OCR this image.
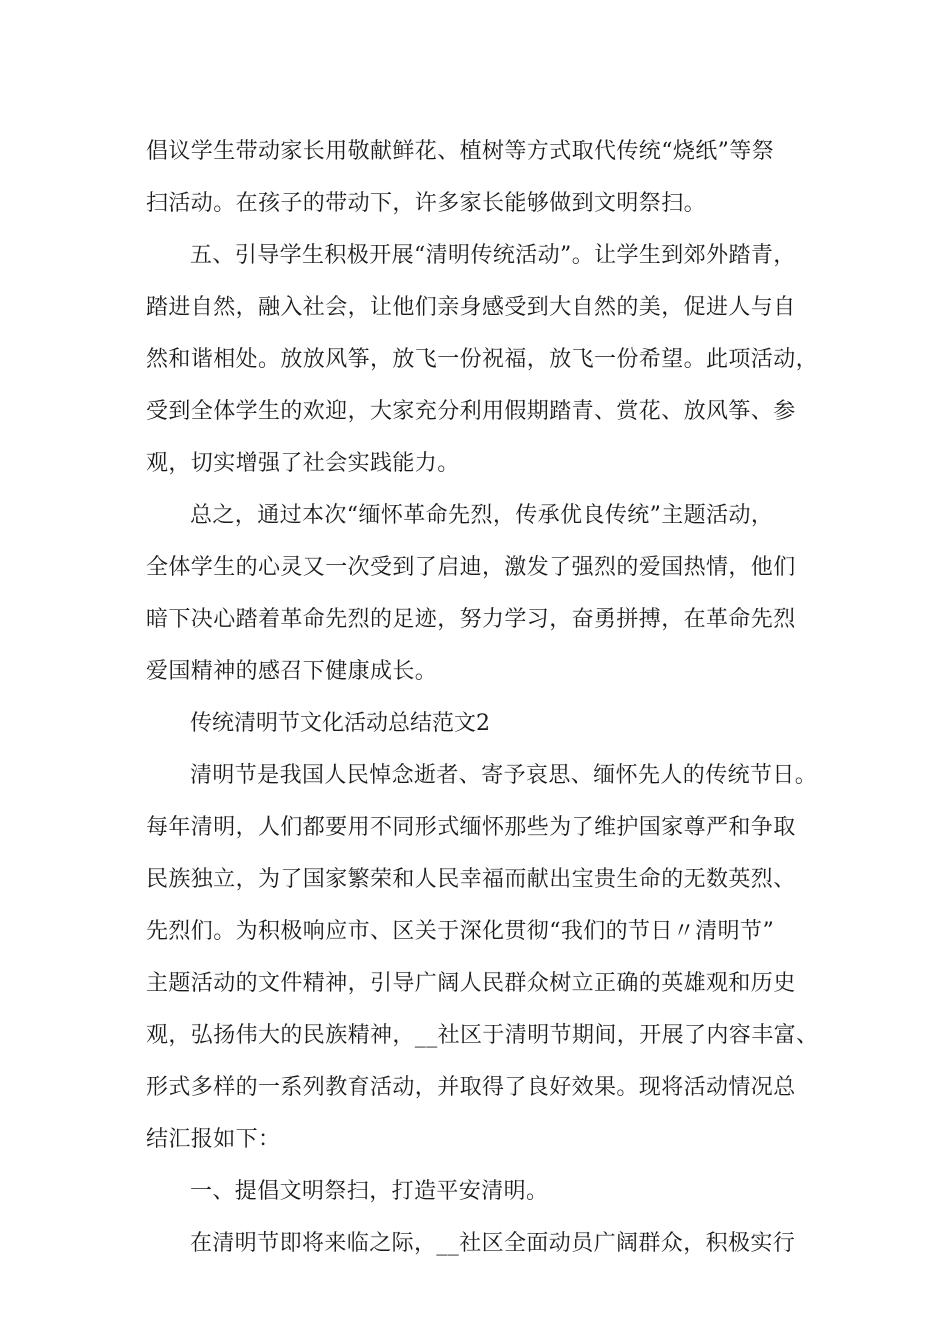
倡议学生带动家长用敬献鲜花、植树等方式取代传统“烧纸”等祭
扫活动。在孩子的带动下，许多家长能够做到文明祭扫。
五、引导学生积极开展“清明传统活动”。让学生到郊外踏青，
踏进自然，融入社会，让他们亲身感受到大自然的美，促进人与自
然和谐相处。放放风筝，放飞一份祝福，放飞一份希望。此项活动，
受到全体学生的欢迎，大家充分利用假期踏青、赏花、放风筝、参
观，切实增强了社会实践能力。
总之，通过本次“缅怀革命先烈，传承优良传统”主题活动，
全体学生的心灵又一次受到了启迪，激发了强烈的爱国热情，他们
暗下决心踏着革命先烈的足迹，努力学习，奋勇拼搏，在革命先烈
爱国精神的感召下健康成长。
传统清明节文化活动总结范文2
清明节是我国人民悼念逝者、寄予哀思、缅怀先人的传统节日。
每年清明，人们都要用不同形式缅怀那些为了维护国家尊严和争取
民族独立，为了国家繁荣和人民幸福而献出宝贵生命的无数英烈、
先烈们。为积极响应市、区关于深化贯彻“我们的节日〃清明节”
主题活动的文件精神，引导广阔人民群众树立正确的英雄观和历史
观，弘扬伟大的民族精神，__社区于清明节期间，开展了内容丰富、
形式多样的一系列教育活动，并取得了良好效果。现将活动情况总
结汇报如下：
一、提倡文明祭扫，打造平安清明。
在清明节即将来临之际，__社区全面动员广阔群众，积极实行
